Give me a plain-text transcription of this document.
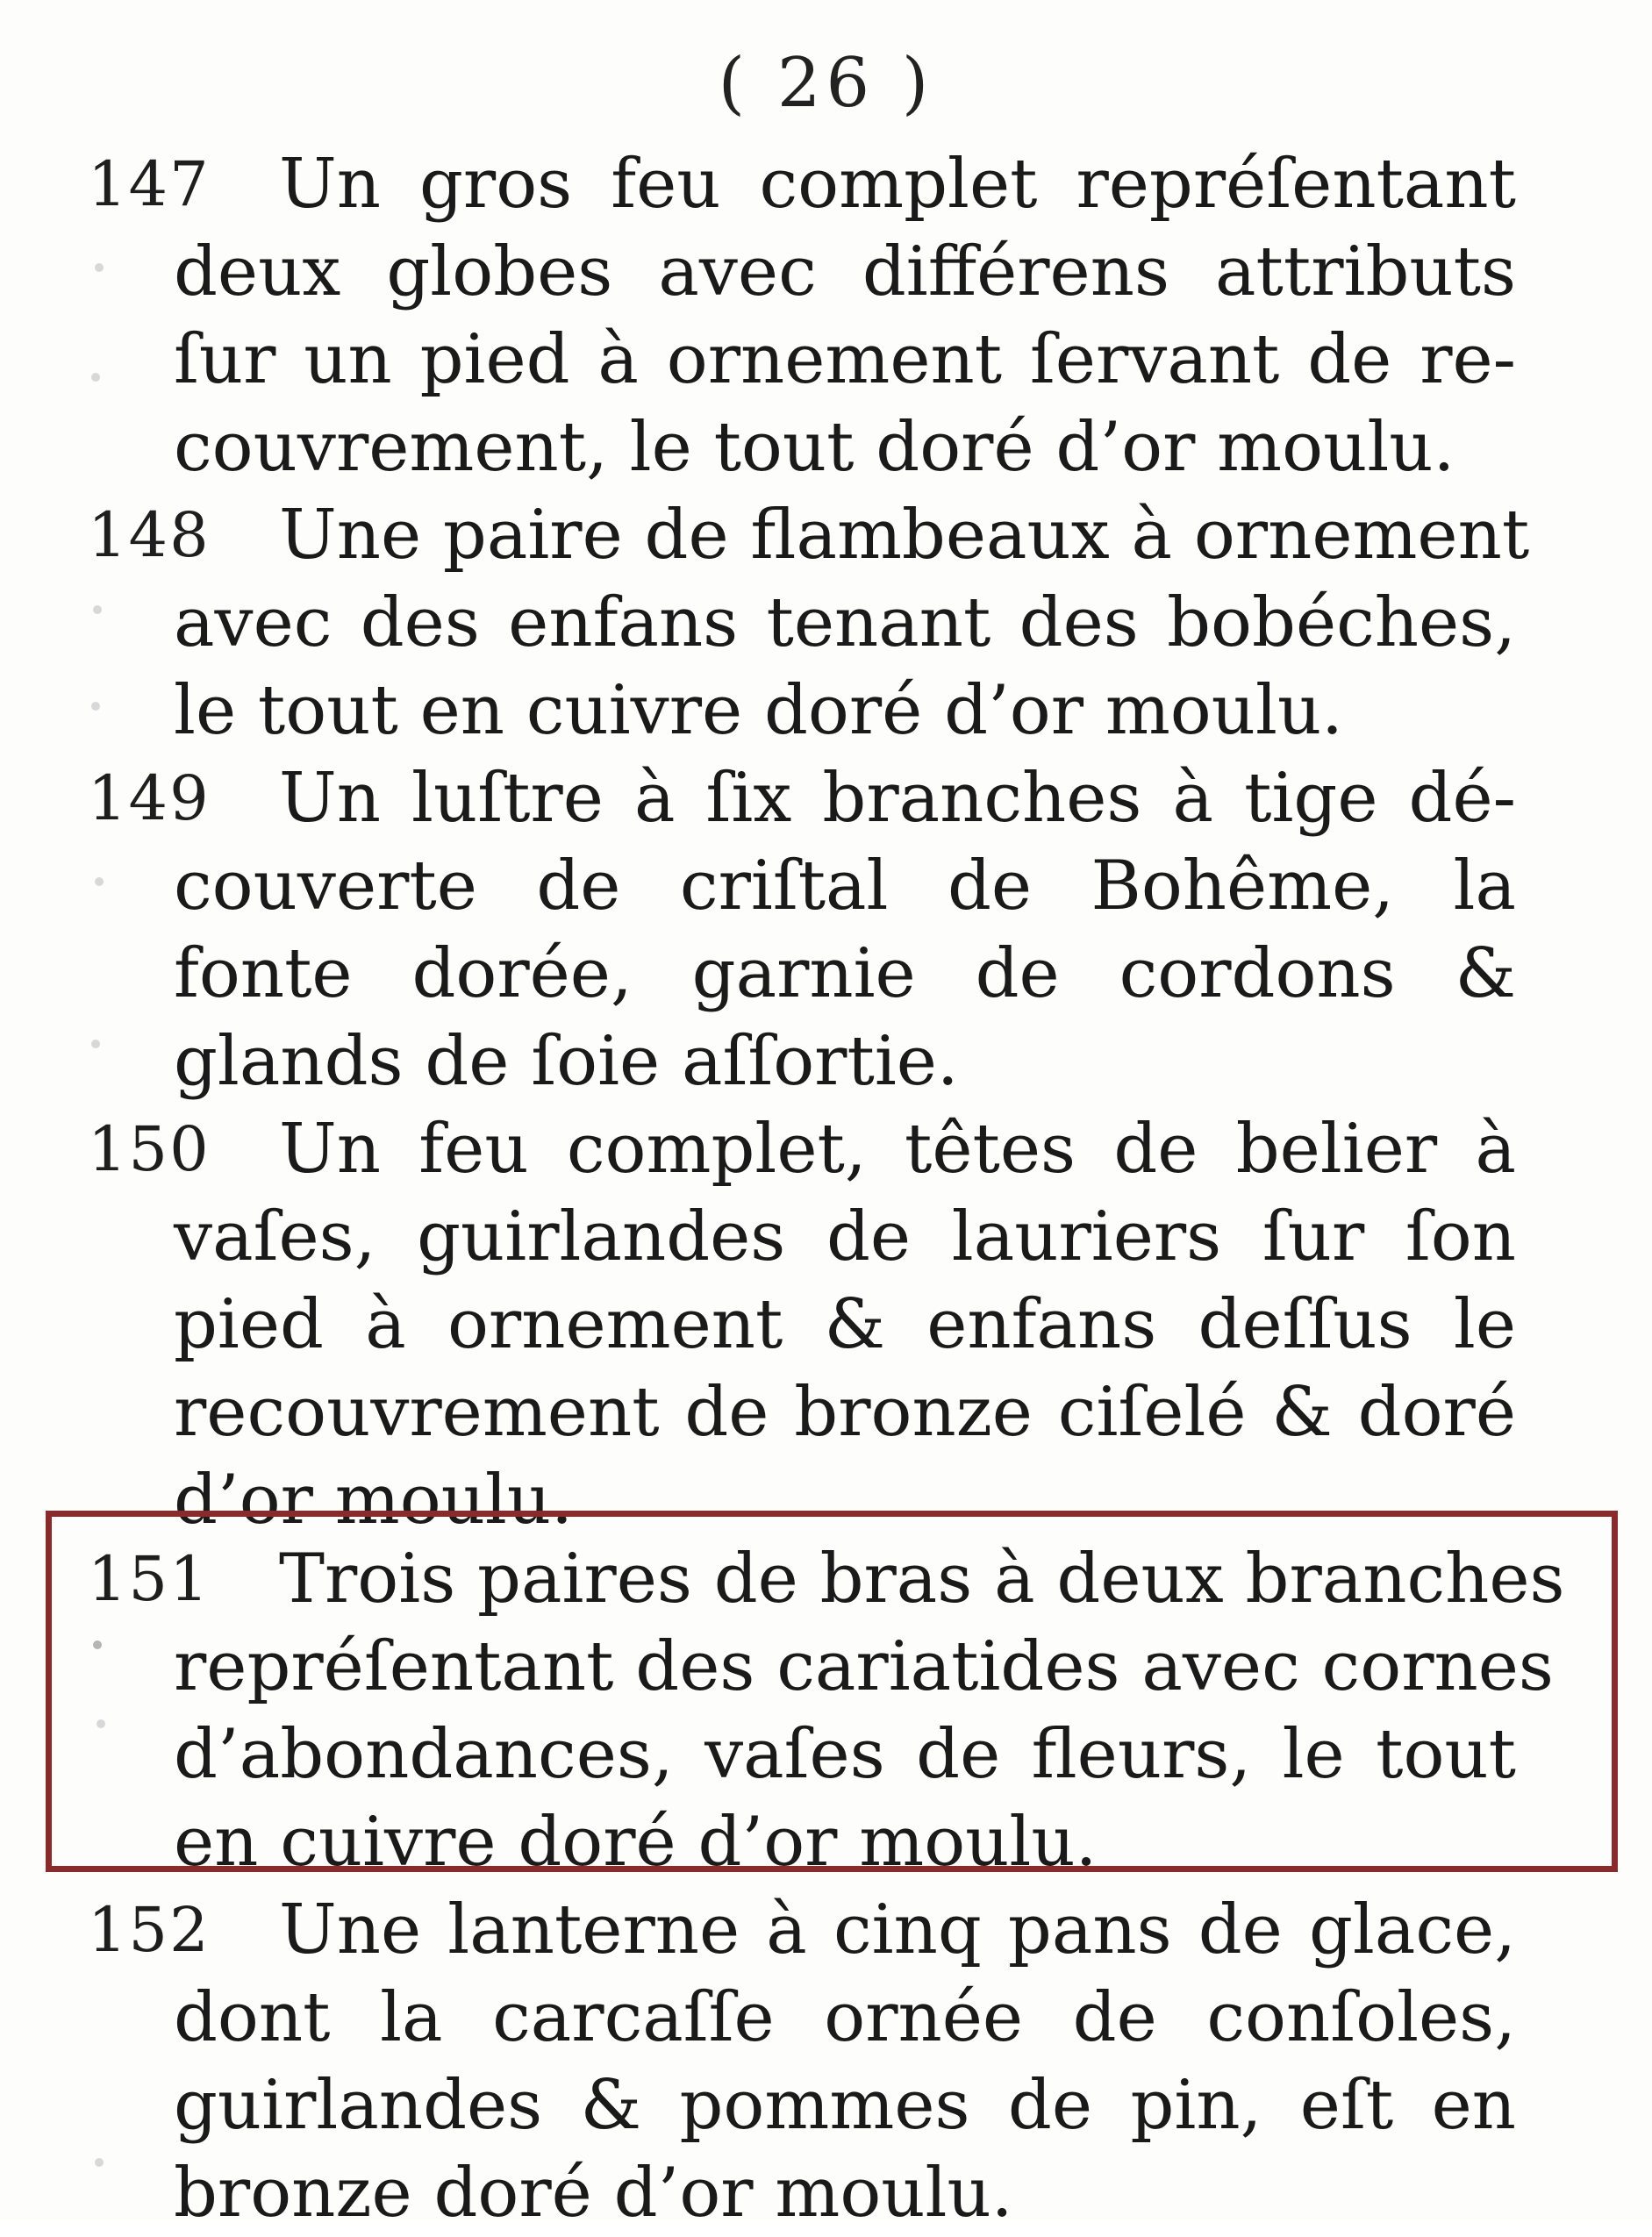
( 26 )
147 Un gros feu complet repréſentant
deux globes avec différens attributs
ſur un pied à ornement ſervant de re-
couvrement, le tout doré d’or moulu.
148 Une paire de flambeaux à ornement
avec des enfans tenant des bobéches,
le tout en cuivre doré d’or moulu.
149 Un luſtre à ſix branches à tige dé-
couverte de criſtal de Bohême, la
fonte dorée, garnie de cordons &
glands de ſoie aſſortie.
150 Un feu complet, têtes de belier à
vaſes, guirlandes de lauriers ſur ſon
pied à ornement & enfans deſſus le
recouvrement de bronze ciſelé & doré
d’or moulu.
151 Trois paires de bras à deux branches
repréſentant des cariatides avec cornes
d’abondances, vaſes de fleurs, le tout
en cuivre doré d’or moulu.
152 Une lanterne à cinq pans de glace,
dont la carcaſſe ornée de conſoles,
guirlandes & pommes de pin, eſt en
bronze doré d’or moulu.
